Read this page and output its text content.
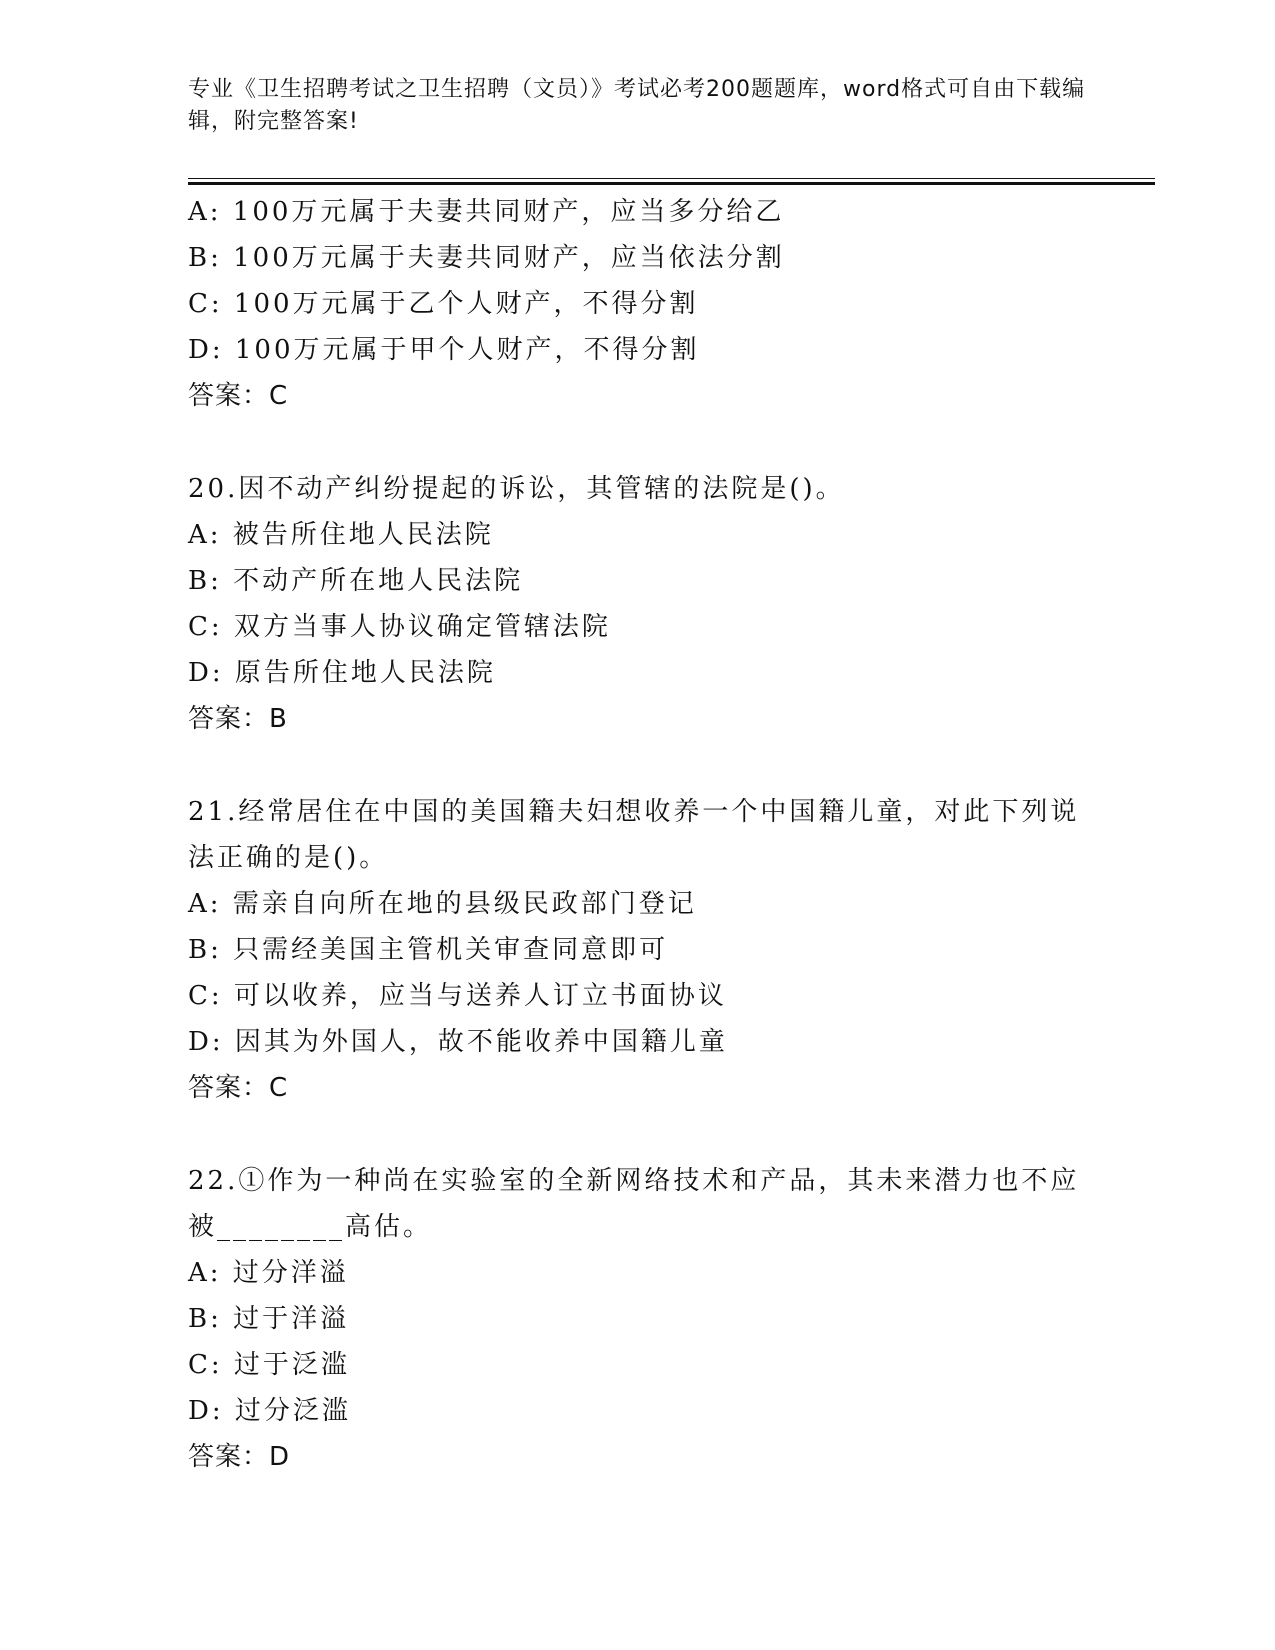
专业《卫生招聘考试之卫生招聘（文员）》考试必考200题题库，word格式可自由下载编辑，附完整答案!
A: 100万元属于夫妻共同财产，应当多分给乙
B: 100万元属于夫妻共同财产，应当依法分割
C: 100万元属于乙个人财产，不得分割
D: 100万元属于甲个人财产，不得分割
答案：C
20.因不动产纠纷提起的诉讼，其管辖的法院是()。
A: 被告所住地人民法院
B: 不动产所在地人民法院
C: 双方当事人协议确定管辖法院
D: 原告所住地人民法院
答案：B
21.经常居住在中国的美国籍夫妇想收养一个中国籍儿童，对此下列说法正确的是()。
A: 需亲自向所在地的县级民政部门登记
B: 只需经美国主管机关审查同意即可
C: 可以收养，应当与送养人订立书面协议
D: 因其为外国人，故不能收养中国籍儿童
答案：C
22.①作为一种尚在实验室的全新网络技术和产品，其未来潜力也不应被________高估。
A: 过分洋溢
B: 过于洋溢
C: 过于泛滥
D: 过分泛滥
答案：D
